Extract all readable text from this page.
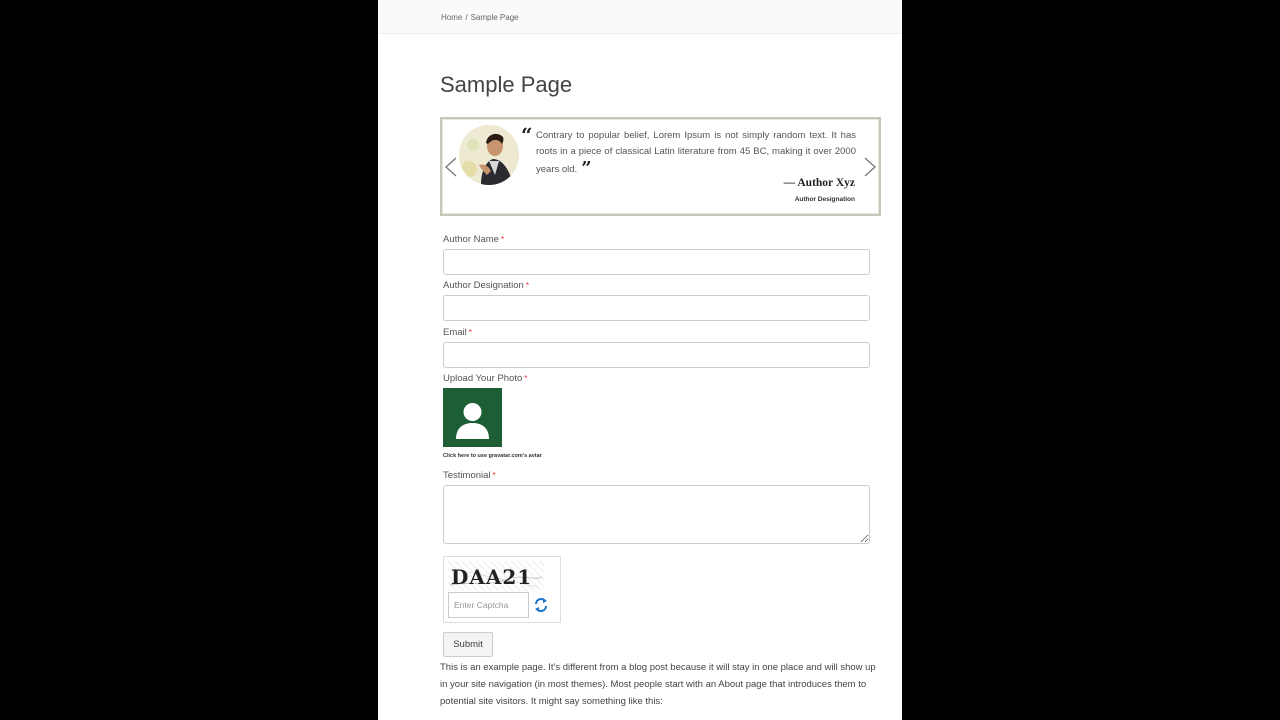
Home / Sample Page
Sample Page
“ Contrary to popular belief, Lorem Ipsum is not simply random text. It has roots in a piece of classical Latin literature from 45 BC, making it over 2000 years old. ”
— Author Xyz
Author Designation
Author Name *
Author Designation *
Email *
Upload Your Photo *
Click here to use gravatar.com's avtar
Testimonial *
DAA21
Enter Captcha
Submit

This is an example page. It's different from a blog post because it will stay in one place and will show up in your site navigation (in most themes). Most people start with an About page that introduces them to potential site visitors. It might say something like this:
